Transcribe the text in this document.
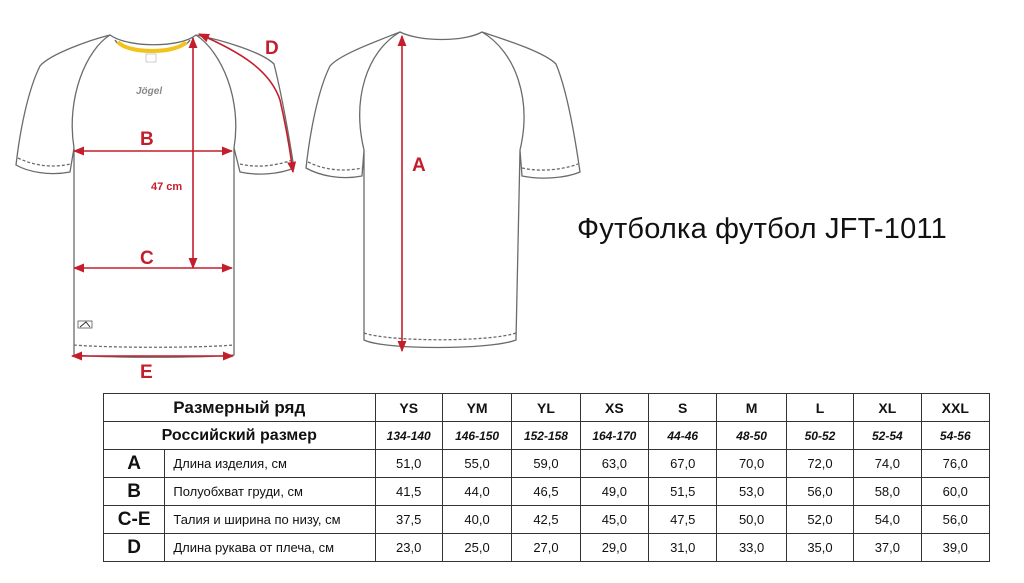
Jögel
B
47 cm
C
E
D
A
Футболка футбол JFT-1011
Размерный ряд		YS	YM	YL	XS	S	M	L	XL	XXL
Российский размер		134-140	146-150	152-158	164-170	44-46	48-50	50-52	52-54	54-56
A	Длина изделия, см	51,0	55,0	59,0	63,0	67,0	70,0	72,0	74,0	76,0
B	Полуобхват груди, см	41,5	44,0	46,5	49,0	51,5	53,0	56,0	58,0	60,0
C-E	Талия и ширина по низу, см	37,5	40,0	42,5	45,0	47,5	50,0	52,0	54,0	56,0
D	Длина рукава от плеча, см	23,0	25,0	27,0	29,0	31,0	33,0	35,0	37,0	39,0
